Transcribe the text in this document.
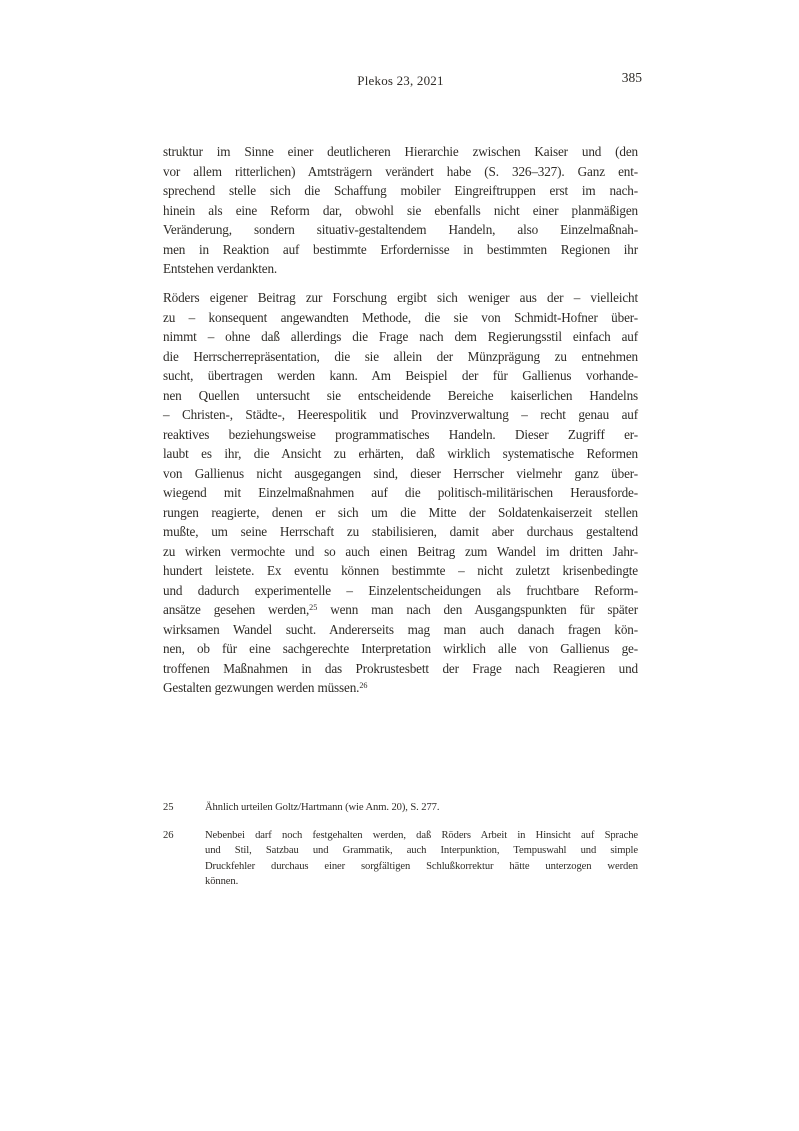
Plekos 23, 2021	385
struktur im Sinne einer deutlicheren Hierarchie zwischen Kaiser und (den
vor allem ritterlichen) Amtsträgern verändert habe (S. 326–327). Ganz ent-
sprechend stelle sich die Schaffung mobiler Eingreiftruppen erst im nach-
hinein als eine Reform dar, obwohl sie ebenfalls nicht einer planmäßigen
Veränderung, sondern situativ-gestaltendem Handeln, also Einzelmaßnah-
men in Reaktion auf bestimmte Erfordernisse in bestimmten Regionen ihr
Entstehen verdankten.
Röders eigener Beitrag zur Forschung ergibt sich weniger aus der – vielleicht
zu – konsequent angewandten Methode, die sie von Schmidt-Hofner über-
nimmt – ohne daß allerdings die Frage nach dem Regierungsstil einfach auf
die Herrscherrepräsentation, die sie allein der Münzprägung zu entnehmen
sucht, übertragen werden kann. Am Beispiel der für Gallienus vorhande-
nen Quellen untersucht sie entscheidende Bereiche kaiserlichen Handelns
– Christen-, Städte-, Heerespolitik und Provinzverwaltung – recht genau auf
reaktives beziehungsweise programmatisches Handeln. Dieser Zugriff er-
laubt es ihr, die Ansicht zu erhärten, daß wirklich systematische Reformen
von Gallienus nicht ausgegangen sind, dieser Herrscher vielmehr ganz über-
wiegend mit Einzelmaßnahmen auf die politisch-militärischen Herausforde-
rungen reagierte, denen er sich um die Mitte der Soldatenkaiserzeit stellen
mußte, um seine Herrschaft zu stabilisieren, damit aber durchaus gestaltend
zu wirken vermochte und so auch einen Beitrag zum Wandel im dritten Jahr-
hundert leistete. Ex eventu können bestimmte – nicht zuletzt krisenbedingte
und dadurch experimentelle – Einzelentscheidungen als fruchtbare Reform-
ansätze gesehen werden,$^{25}$ wenn man nach den Ausgangspunkten für später
wirksamen Wandel sucht. Andererseits mag man auch danach fragen kön-
nen, ob für eine sachgerechte Interpretation wirklich alle von Gallienus ge-
troffenen Maßnahmen in das Prokrustesbett der Frage nach Reagieren und
Gestalten gezwungen werden müssen.$^{26}$
25	Ähnlich urteilen Goltz/Hartmann (wie Anm. 20), S. 277.
26	Nebenbei darf noch festgehalten werden, daß Röders Arbeit in Hinsicht auf Sprache
und Stil, Satzbau und Grammatik, auch Interpunktion, Tempuswahl und simple
Druckfehler durchaus einer sorgfältigen Schlußkorrektur hätte unterzogen werden
können.
